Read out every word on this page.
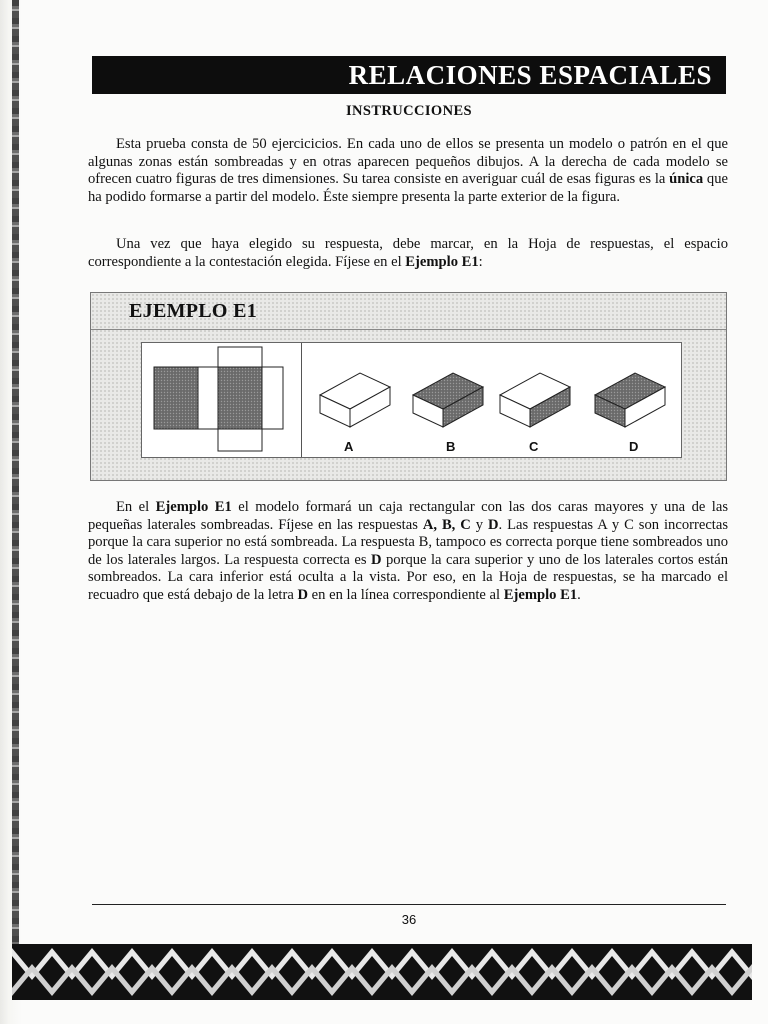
RELACIONES ESPACIALES
INSTRUCCIONES

Esta prueba consta de 50 ejercicicios. En cada uno de ellos se presenta un modelo o patrón en el que algunas zonas están sombreadas y en otras aparecen pequeños dibujos. A la derecha de cada modelo se ofrecen cuatro figuras de tres dimensiones. Su tarea consiste en averiguar cuál de esas figuras es la única que ha podido formarse a partir del modelo. Éste siempre presenta la parte exterior de la figura.

Una vez que haya elegido su respuesta, debe marcar, en la Hoja de respuestas, el espacio correspondiente a la contestación elegida. Fíjese en el Ejemplo E1:

EJEMPLO E1
A	B	C	D

En el Ejemplo E1 el modelo formará un caja rectangular con las dos caras mayores y una de las pequeñas laterales sombreadas. Fíjese en las respuestas A, B, C y D. Las respuestas A y C son incorrectas porque la cara superior no está sombreada. La respuesta B, tampoco es correcta porque tiene sombreados uno de los laterales largos. La respuesta correcta es D porque la cara superior y uno de los laterales cortos están sombreados. La cara inferior está oculta a la vista. Por eso, en la Hoja de respuestas, se ha marcado el recuadro que está debajo de la letra D en en la línea correspondiente al Ejemplo E1.

36
